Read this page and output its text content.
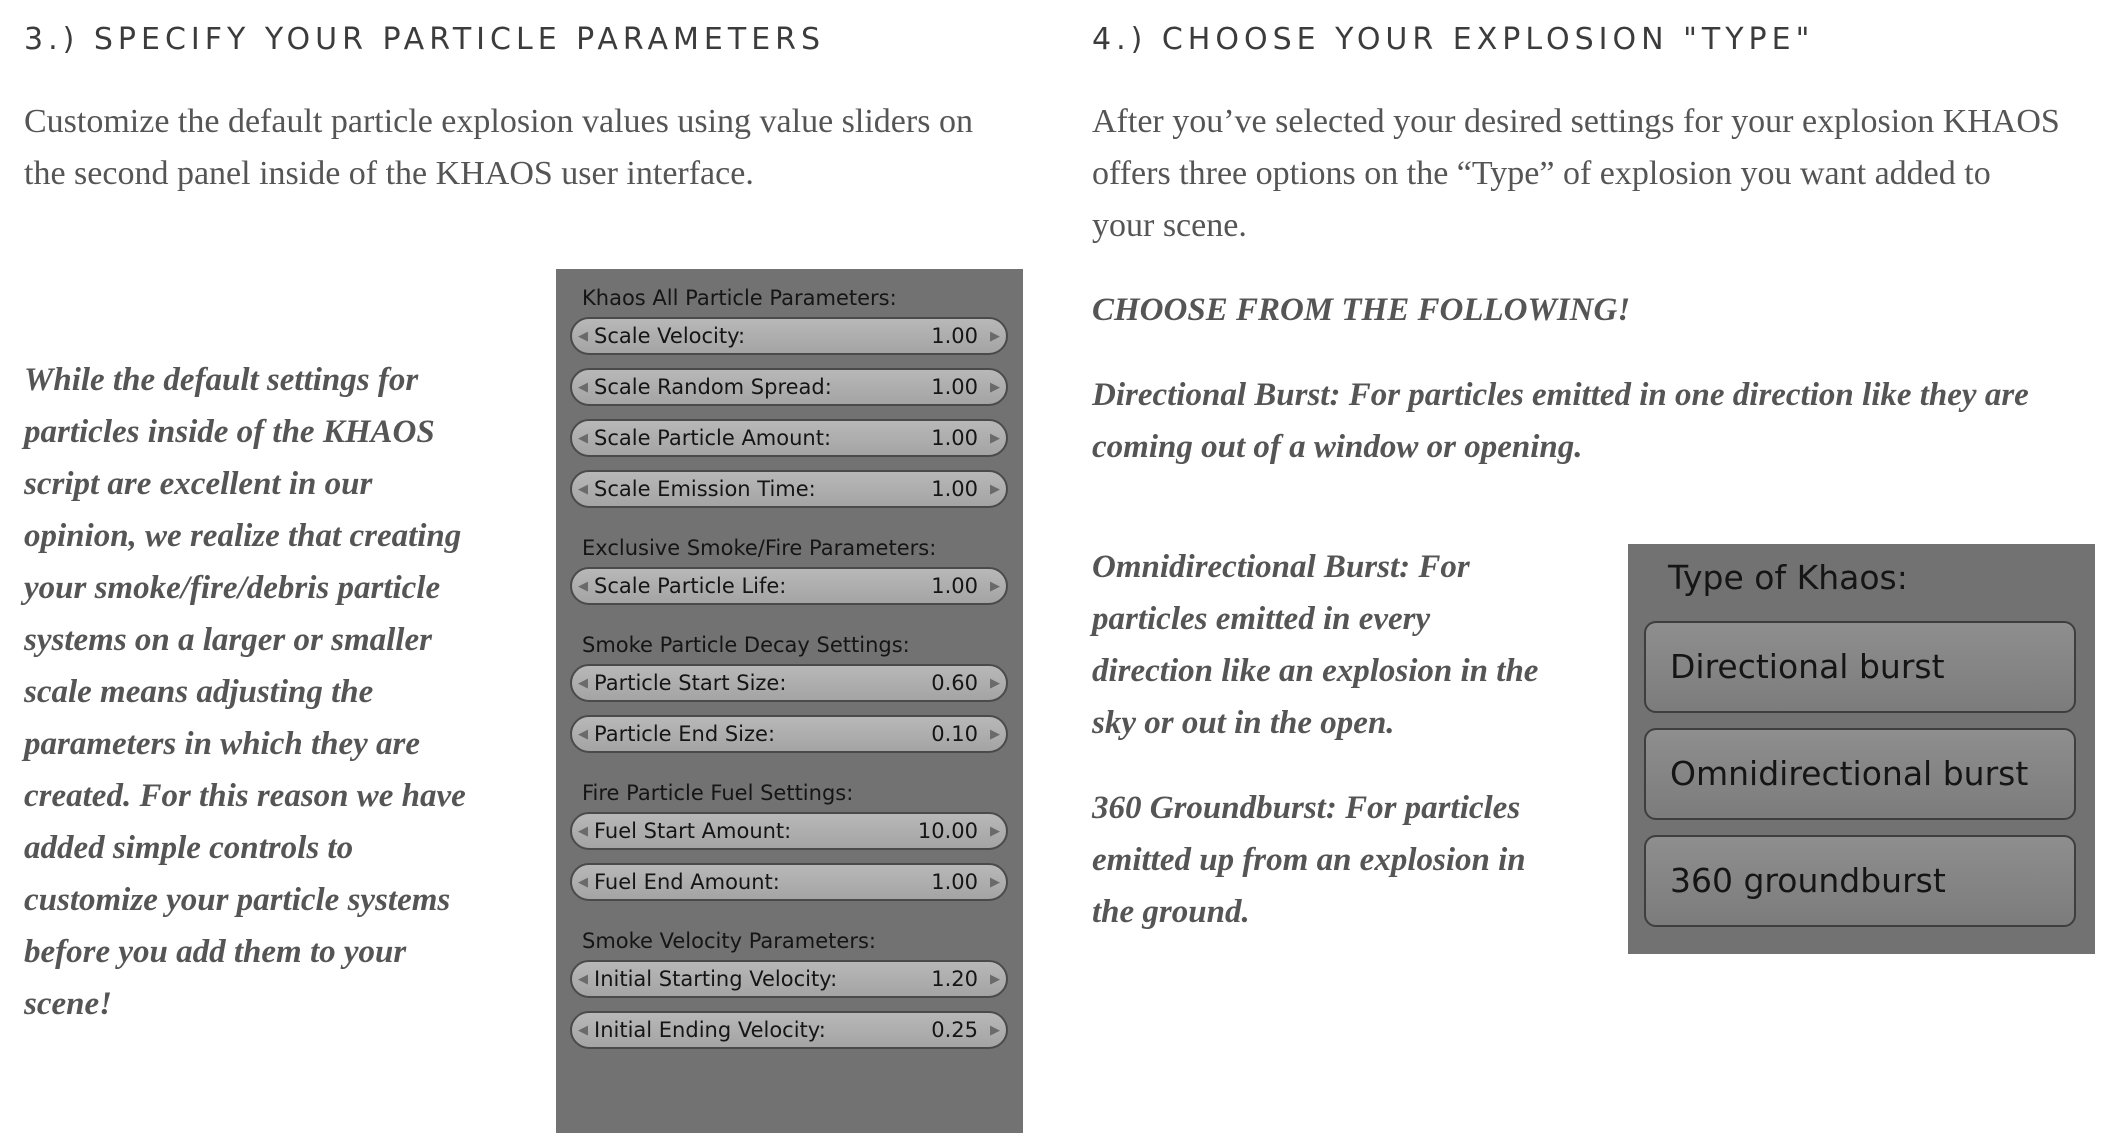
3.) SPECIFY YOUR PARTICLE PARAMETERS

Customize the default particle explosion values using value sliders on
the second panel inside of the KHAOS user interface.

While the default settings for
particles inside of the KHAOS
script are excellent in our
opinion, we realize that creating
your smoke/fire/debris particle
systems on a larger or smaller
scale means adjusting the
parameters in which they are
created. For this reason we have
added simple controls to
customize your particle systems
before you add them to your
scene!

Khaos All Particle Parameters:
◀ Scale Velocity:	1.00 ▶
◀ Scale Random Spread:	1.00 ▶
◀ Scale Particle Amount:	1.00 ▶
◀ Scale Emission Time:	1.00 ▶
Exclusive Smoke/Fire Parameters:
◀ Scale Particle Life:	1.00 ▶
Smoke Particle Decay Settings:
◀ Particle Start Size:	0.60 ▶
◀ Particle End Size:	0.10 ▶
Fire Particle Fuel Settings:
◀ Fuel Start Amount:	10.00 ▶
◀ Fuel End Amount:	1.00 ▶
Smoke Velocity Parameters:
◀ Initial Starting Velocity:	1.20 ▶
◀ Initial Ending Velocity:	0.25 ▶
4.) CHOOSE YOUR EXPLOSION "TYPE"

After you’ve selected your desired settings for your explosion KHAOS
offers three options on the “Type” of explosion you want added to
your scene.

CHOOSE FROM THE FOLLOWING!

Directional Burst: For particles emitted in one direction like they are
coming out of a window or opening.

Omnidirectional Burst: For
particles emitted in every
direction like an explosion in the
sky or out in the open.

360 Groundburst: For particles
emitted up from an explosion in
the ground.

Type of Khaos:
Directional burst
Omnidirectional burst
360 groundburst
